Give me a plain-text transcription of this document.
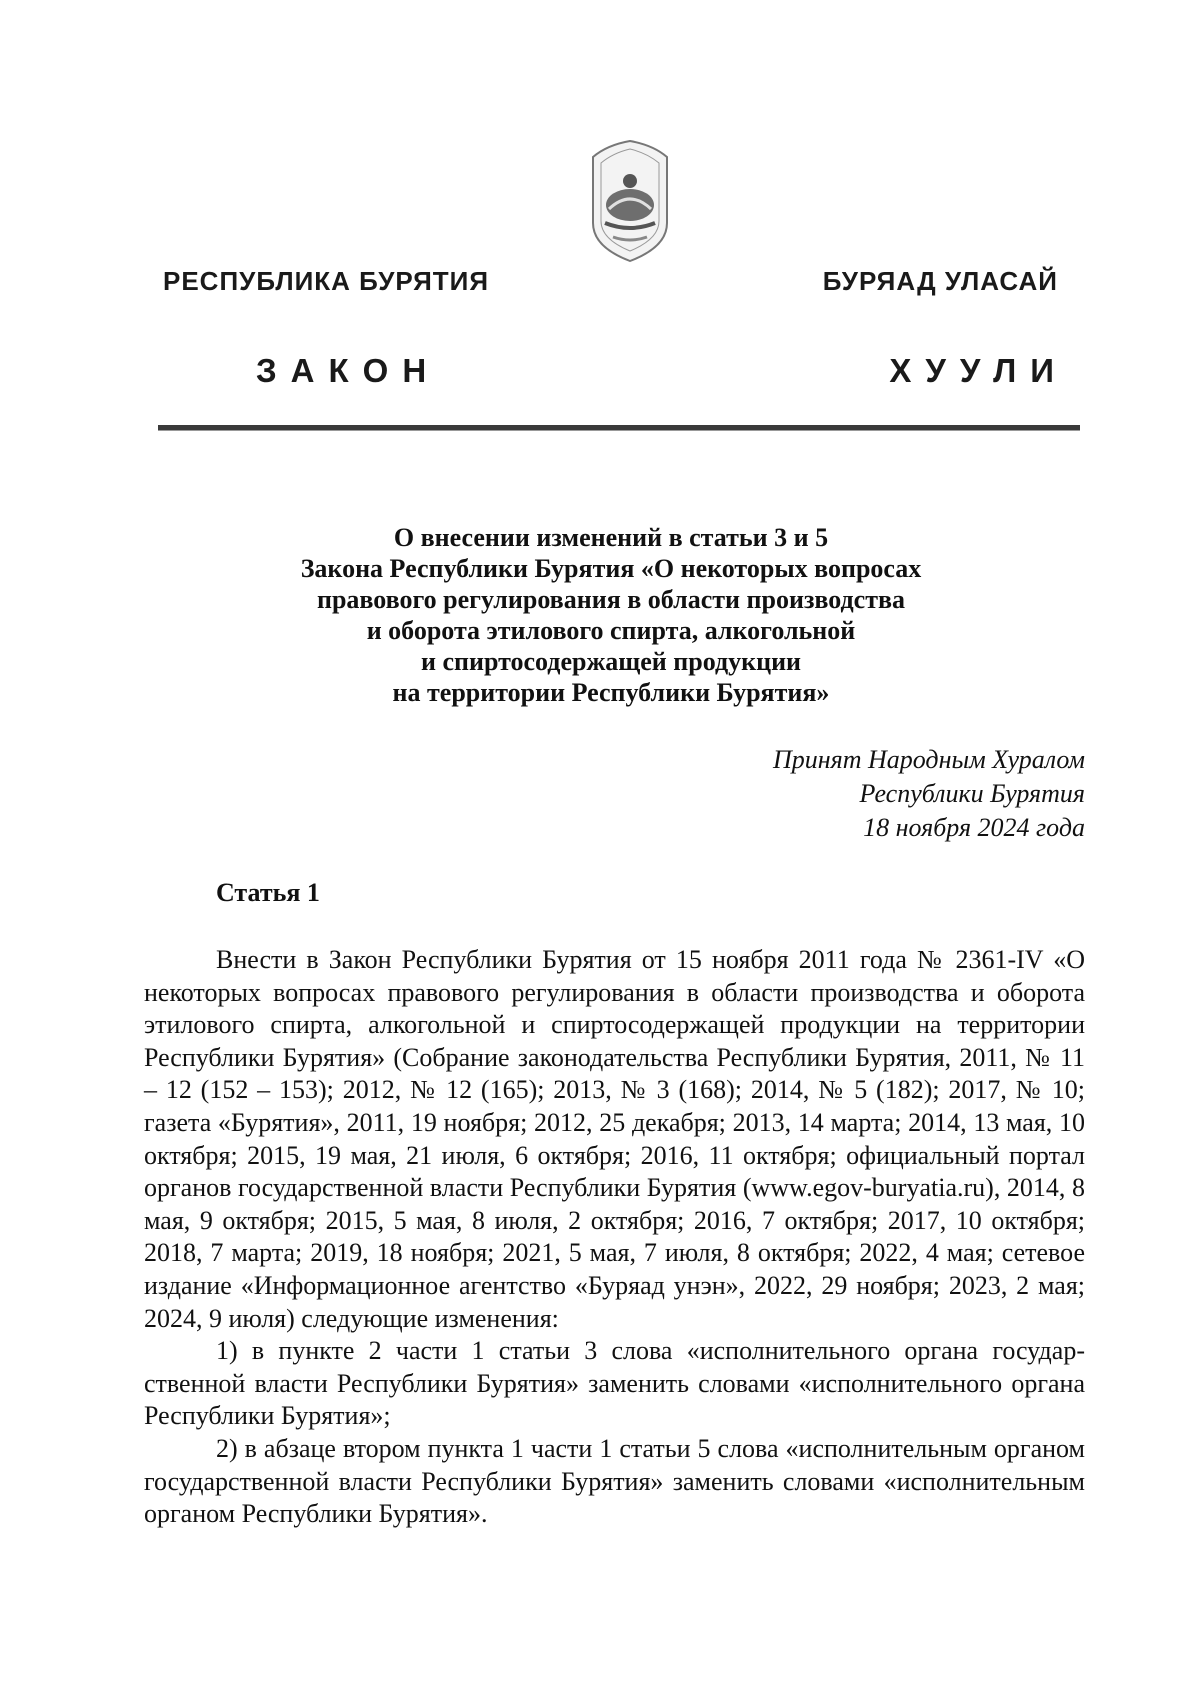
РЕСПУБЛИКА БУРЯТИЯ	БУРЯАД УЛАСАЙ
ЗАКОН	ХУУЛИ
О внесении изменений в статьи 3 и 5
Закона Республики Бурятия «О некоторых вопросах
правового регулирования в области производства
и оборота этилового спирта, алкогольной
и спиртосодержащей продукции
на территории Республики Бурятия»
Принят Народным Хуралом
Республики Бурятия
18 ноября 2024 года
Статья 1

Внести в Закон Республики Бурятия от 15 ноября 2011 года № 2361-IV «О некоторых вопросах правового регулирования в области производства и оборота этилового спирта, алкогольной и спиртосодержащей продукции на территории Республики Бурятия» (Собрание законодательства Республики Бурятия, 2011, № 11 – 12 (152 – 153); 2012, № 12 (165); 2013, № 3 (168); 2014, № 5 (182); 2017, № 10; газета «Бурятия», 2011, 19 ноября; 2012, 25 декабря; 2013, 14 марта; 2014, 13 мая, 10 октября; 2015, 19 мая, 21 июля, 6 октября; 2016, 11 октября; официальный портал органов государственной власти Республики Бурятия (www.egov-buryatia.ru), 2014, 8 мая, 9 октября; 2015, 5 мая, 8 июля, 2 октября; 2016, 7 октября; 2017, 10 октября; 2018, 7 марта; 2019, 18 ноября; 2021, 5 мая, 7 июля, 8 октября; 2022, 4 мая; сетевое издание «Информационное агентство «Буряад унэн», 2022, 29 ноября; 2023, 2 мая; 2024, 9 июля) следующие изменения:

1) в пункте 2 части 1 статьи 3 слова «исполнительного органа государственной власти Республики Бурятия» заменить словами «исполнительного органа Республики Бурятия»;

2) в абзаце втором пункта 1 части 1 статьи 5 слова «исполнительным органом государственной власти Республики Бурятия» заменить словами «исполнительным органом Республики Бурятия».
